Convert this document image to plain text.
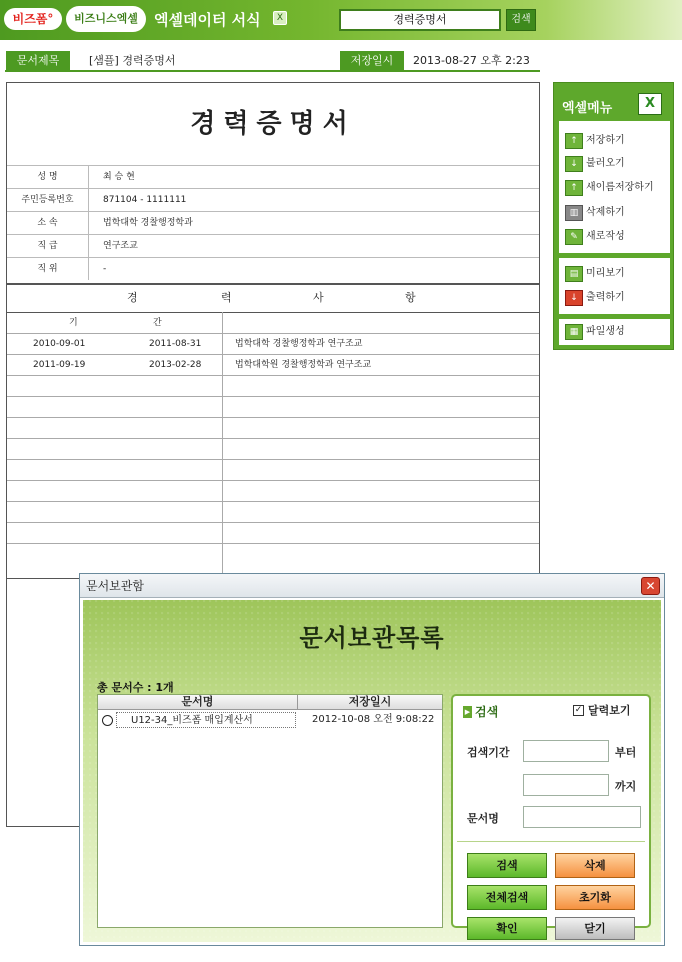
비즈폼°	비즈니스엑셀	엑셀데이터 서식	X	경력증명서	검색
문서제목	[샘플] 경력증명서	저장일시	2013-08-27 오후 2:23
경력증명서
성 명	최 승 현
주민등록번호	871104 - 1111111
소 속	법학대학 경찰행정학과
직 급	연구조교
직 위	-
경	력	사	항
기	간
2010-09-01	2011-08-31	법학대학 경찰행정학과 연구조교
2011-09-19	2013-02-28	법학대학원 경찰행정학과 연구조교
엑셀메뉴	X
↑ 저장하기
↓ 불러오기
↑ 새이름저장하기
▥ 삭제하기
✎ 새로작성
▤ 미리보기
↓ 출력하기
▦ 파일생성
문서보관함	✕
문서보관목록
총 문서수 : 1개
문서명	저장일시
U12-34_비즈폼 매입계산서	2012-10-08 오전 9:08:22
▶ 검색	✓ 달력보기
검색기간	부터
까지
문서명
검색	삭제
전체검색	초기화
확인	닫기
